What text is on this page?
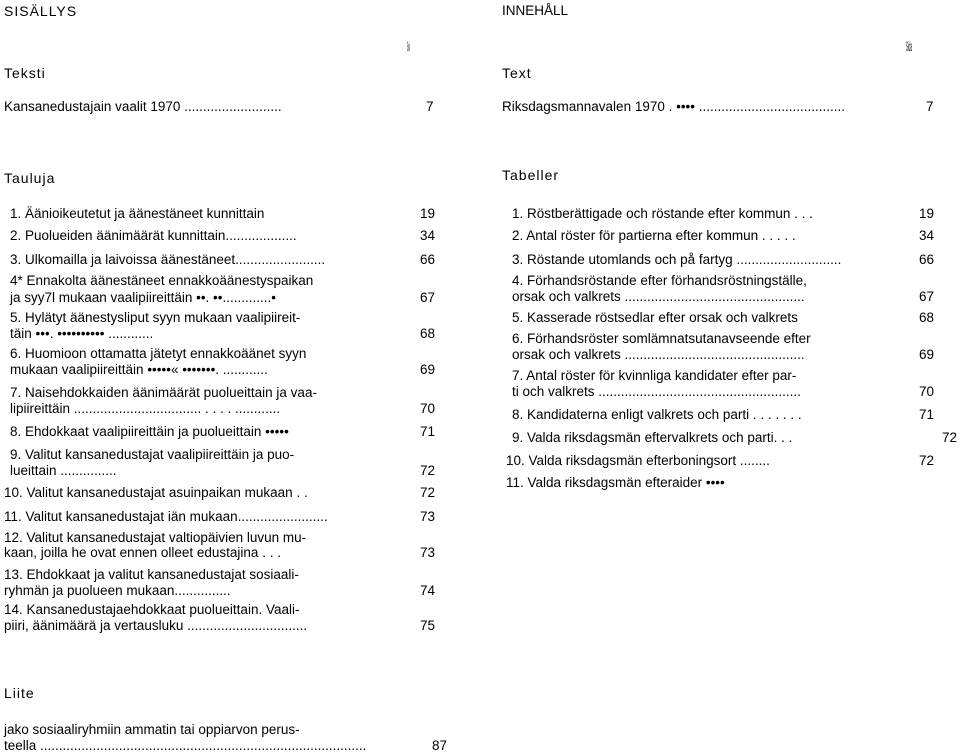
SISÄLLYS
Sivu
Teksti
Kansanedustajain vaalit 1970 ..........................	7
Tauluja
1. Äänioikeutetut ja äänestäneet kunnittain	19
2. Puolueiden äänimäärät kunnittain...................	34
3. Ulkomailla ja laivoissa äänestäneet........................	66
4* Ennakolta äänestäneet ennakkoäänestyspaikan
ja syy7l mukaan vaalipiireittäin ••. ••.............•	67
5. Hylätyt äänestysliput syyn mukaan vaalipiireit-
täin •••. •••••••••• ............	68
6. Huomioon ottamatta jätetyt ennakkoäänet syyn
mukaan vaalipiireittäin •••••« •••••••. ............	69
7. Naisehdokkaiden äänimäärät puolueittain ja vaa-
lipiireittäin .................................. . . . . ............	70
8. Ehdokkaat vaalipiireittäin ja puolueittain •••••	71
9. Valitut kansanedustajat vaalipiireittäin ja puo-
lueittain ...............	72
10. Valitut kansanedustajat asuinpaikan mukaan . .	72
11. Valitut kansanedustajat iän mukaan........................	73
12. Valitut kansanedustajat valtiopäivien luvun mu-
kaan, joilla he ovat ennen olleet edustajina . . .	73
13. Ehdokkaat ja valitut kansanedustajat sosiaali-
ryhmän ja puolueen mukaan...............	74
14. Kansanedustajaehdokkaat puolueittain. Vaali-
piiri, äänimäärä ja vertausluku ................................	75
Liite
jako sosiaaliryhmiin ammatin tai oppiarvon perus-
teella .......................................................................................	87
INNEHÅLL
Sida
Text
Riksdagsmannavalen 1970 . •••• .......................................	7
Tabeller
1. Röstberättigade och röstande efter kommun . . .	19
2. Antal röster för partierna efter kommun . . . . .	34
3. Röstande utomlands och på fartyg ............................	66
4. Förhandsröstande efter förhandsröstningställe,
orsak och valkrets ................................................	67
5. Kasserade röstsedlar efter orsak och valkrets	68
6. Förhandsröster somlämnatsutanavseende efter
orsak och valkrets ................................................	69
7. Antal röster för kvinnliga kandidater efter par-
ti och valkrets ......................................................	70
8. Kandidaterna enligt valkrets och parti . . . . . . .	71
9. Valda riksdagsmän eftervalkrets och parti. . .	72
10. Valda riksdagsmän efterboningsort ........	72
11. Valda riksdagsmän efteraider ••••
